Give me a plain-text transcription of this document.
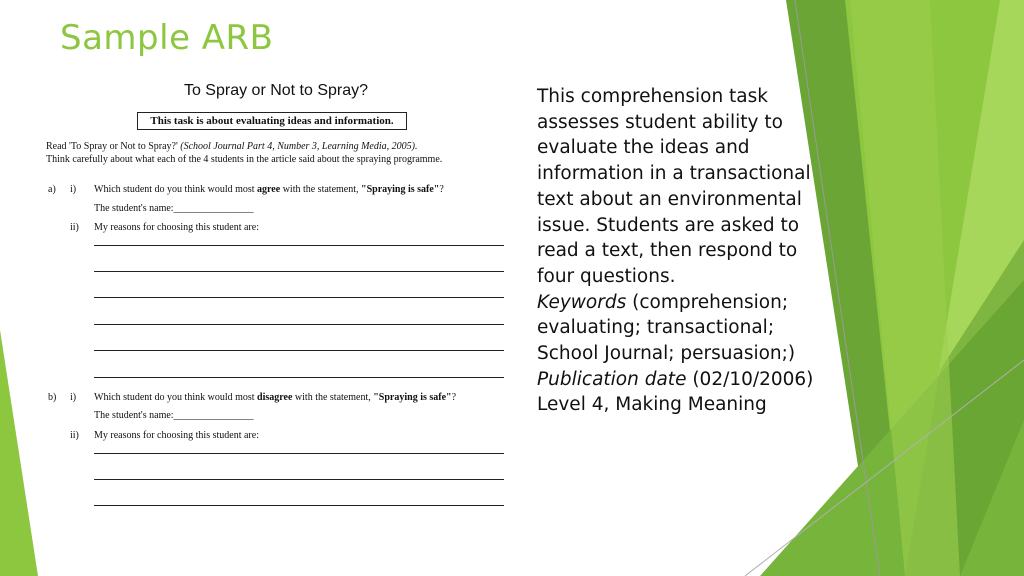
Sample ARB
To Spray or Not to Spray?
This task is about evaluating ideas and information.
Read 'To Spray or Not to Spray?' (School Journal Part 4, Number 3, Learning Media, 2005).
Think carefully about what each of the 4 students in the article said about the spraying programme.
a) i) Which student do you think would most agree with the statement, "Spraying is safe"?
The student's name:________________
ii) My reasons for choosing this student are:
b) i) Which student do you think would most disagree with the statement, "Spraying is safe"?
The student's name:________________
ii) My reasons for choosing this student are:
This comprehension task assesses student ability to evaluate the ideas and information in a transactional text about an environmental issue. Students are asked to read a text, then respond to four questions.
Keywords (comprehension; evaluating; transactional; School Journal; persuasion;)
Publication date (02/10/2006)
Level 4, Making Meaning
